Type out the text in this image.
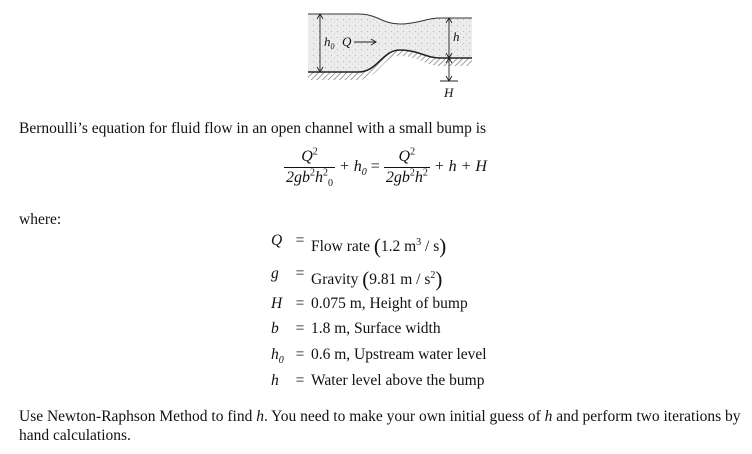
$h_0$ Q	h
H
Bernoulli’s equation for fluid flow in an open channel with a small bump is
$\frac{Q^2}{2gb^2h^2_0} + h_0 = \frac{Q^2}{2gb^2h^2} + h + H$
where:
Q = Flow rate (1.2 $m^3 / s$)
g	= Gravity (9.81 m / $s^2$)
H = 0.075 m, Height of bump
b	= 1.8 m, Surface width
$h_0 = 0.6$ m, Upstream water level
h	= Water level above the bump
Use Newton-Raphson Method to find h. You need to make your own initial guess of h and perform two iterations by
hand calculations.
